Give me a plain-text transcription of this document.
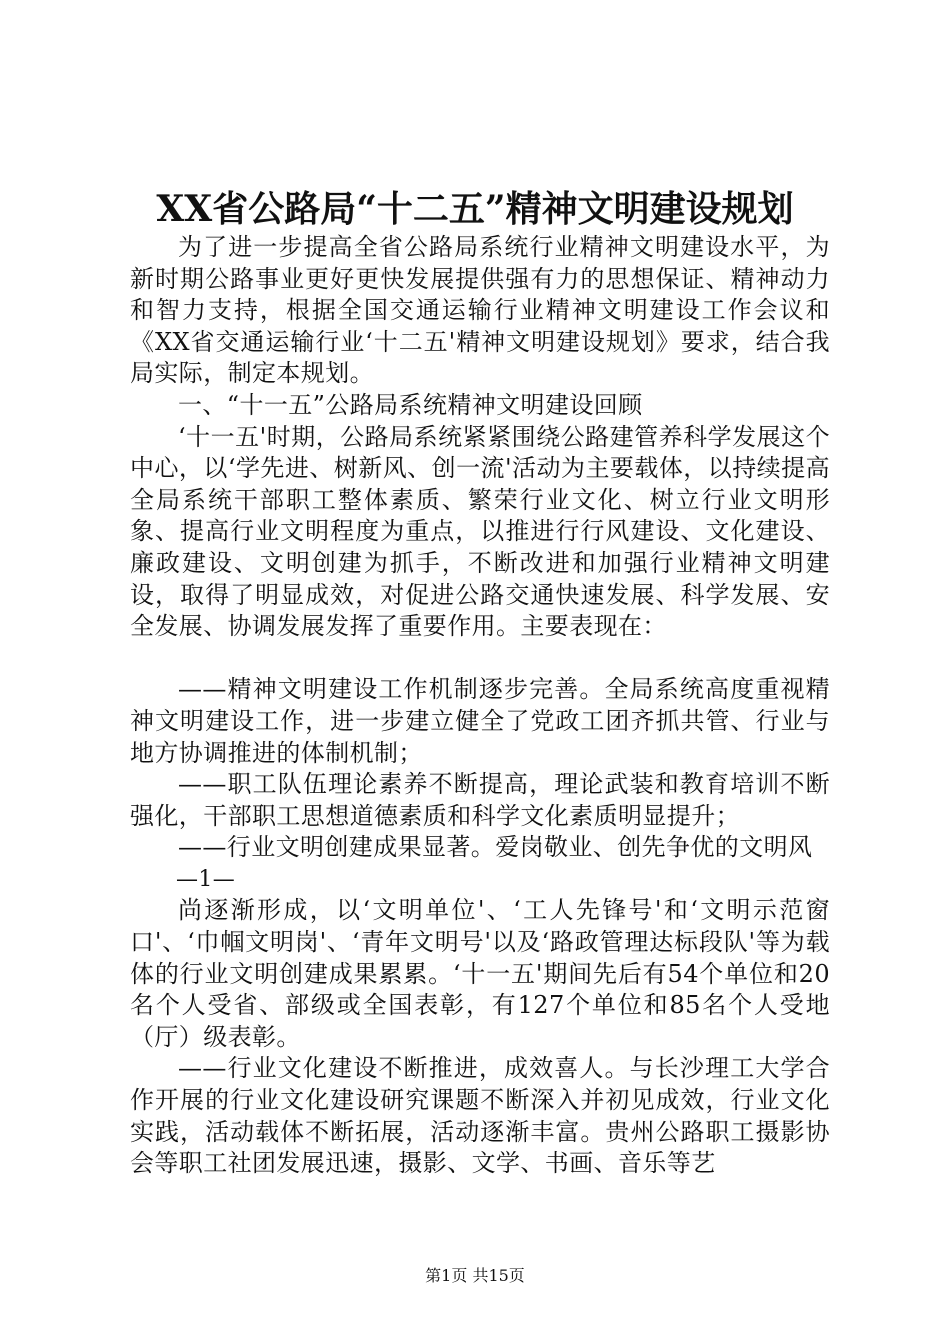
XX省公路局“十二五”精神文明建设规划

为了进一步提高全省公路局系统行业精神文明建设水平，为新时期公路事业更好更快发展提供强有力的思想保证、精神动力和智力支持，根据全国交通运输行业精神文明建设工作会议和《XX省交通运输行业‘十二五'精神文明建设规划》要求，结合我局实际，制定本规划。

一、“十一五”公路局系统精神文明建设回顾

‘十一五'时期，公路局系统紧紧围绕公路建管养科学发展这个中心，以‘学先进、树新风、创一流'活动为主要载体，以持续提高全局系统干部职工整体素质、繁荣行业文化、树立行业文明形象、提高行业文明程度为重点，以推进行行风建设、文化建设、廉政建设、文明创建为抓手，不断改进和加强行业精神文明建设，取得了明显成效，对促进公路交通快速发展、科学发展、安全发展、协调发展发挥了重要作用。主要表现在：

——精神文明建设工作机制逐步完善。全局系统高度重视精神文明建设工作，进一步建立健全了党政工团齐抓共管、行业与地方协调推进的体制机制；

——职工队伍理论素养不断提高，理论武装和教育培训不断强化，干部职工思想道德素质和科学文化素质明显提升；

——行业文明创建成果显著。爱岗敬业、创先争优的文明风

—1—

尚逐渐形成，以‘文明单位'、‘工人先锋号'和‘文明示范窗口'、‘巾帼文明岗'、‘青年文明号'以及‘路政管理达标段队'等为载体的行业文明创建成果累累。‘十一五'期间先后有54个单位和20名个人受省、部级或全国表彰，有127个单位和85名个人受地（厅）级表彰。

——行业文化建设不断推进，成效喜人。与长沙理工大学合作开展的行业文化建设研究课题不断深入并初见成效，行业文化实践，活动载体不断拓展，活动逐渐丰富。贵州公路职工摄影协会等职工社团发展迅速，摄影、文学、书画、音乐等艺

第1页 共15页
